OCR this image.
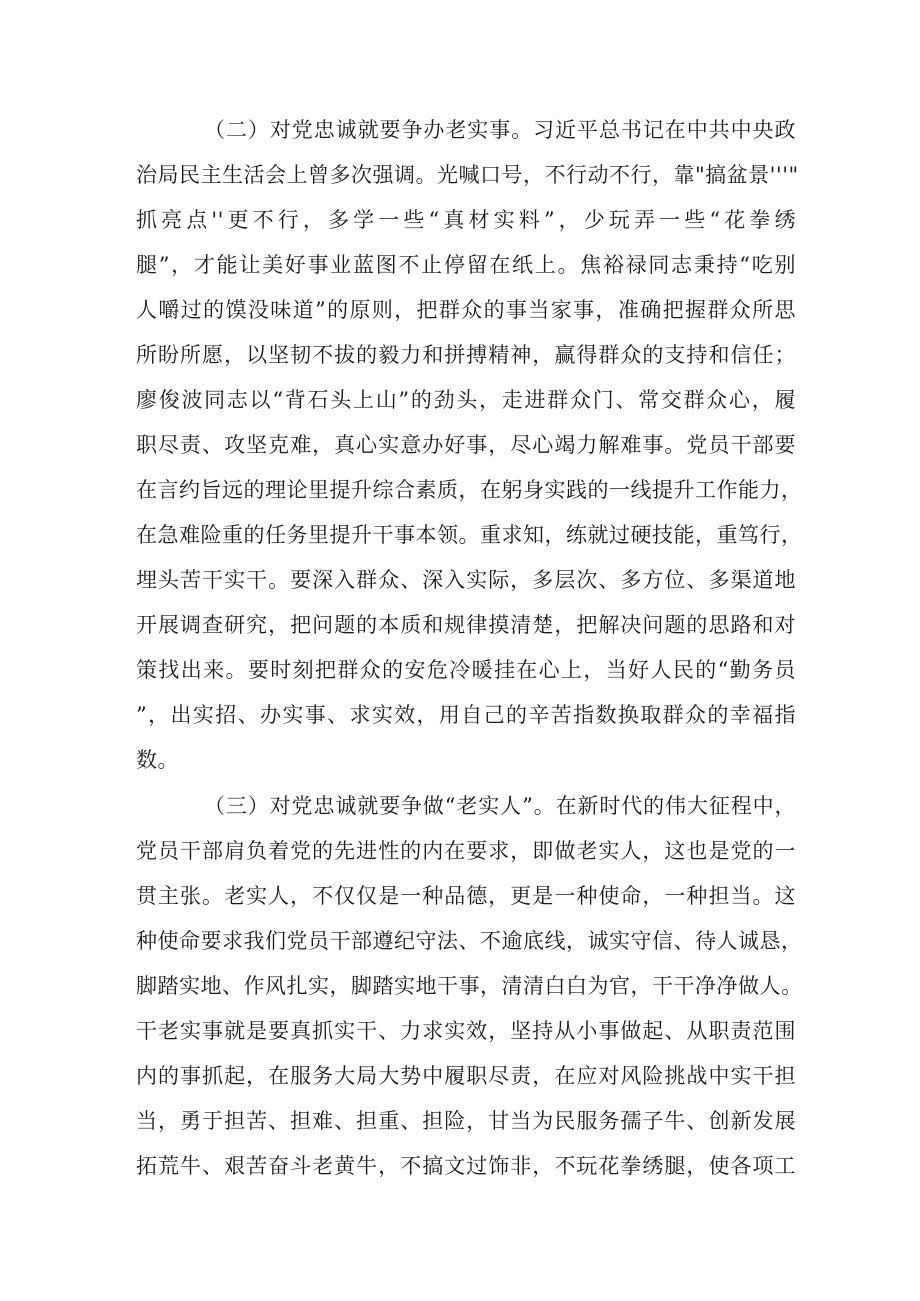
（二）对党忠诚就要争办老实事。习近平总书记在中共中央政
治局民主生活会上曾多次强调。光喊口号，不行动不行，靠"搞盆景'''"
抓亮点''更不行，多学一些“真材实料”，少玩弄一些“花拳绣
腿”，才能让美好事业蓝图不止停留在纸上。焦裕禄同志秉持“吃别
人嚼过的馍没味道”的原则，把群众的事当家事，准确把握群众所思
所盼所愿，以坚韧不拔的毅力和拼搏精神，赢得群众的支持和信任；
廖俊波同志以“背石头上山”的劲头，走进群众门、常交群众心，履
职尽责、攻坚克难，真心实意办好事，尽心竭力解难事。党员干部要
在言约旨远的理论里提升综合素质，在躬身实践的一线提升工作能力，
在急难险重的任务里提升干事本领。重求知，练就过硬技能，重笃行，
埋头苦干实干。要深入群众、深入实际，多层次、多方位、多渠道地
开展调查研究，把问题的本质和规律摸清楚，把解决问题的思路和对
策找出来。要时刻把群众的安危冷暖挂在心上，当好人民的“勤务员
”，出实招、办实事、求实效，用自己的辛苦指数换取群众的幸福指
数。
（三）对党忠诚就要争做“老实人”。在新时代的伟大征程中，
党员干部肩负着党的先进性的内在要求，即做老实人，这也是党的一
贯主张。老实人，不仅仅是一种品德，更是一种使命，一种担当。这
种使命要求我们党员干部遵纪守法、不逾底线，诚实守信、待人诚恳，
脚踏实地、作风扎实，脚踏实地干事，清清白白为官，干干净净做人。
干老实事就是要真抓实干、力求实效，坚持从小事做起、从职责范围
内的事抓起，在服务大局大势中履职尽责，在应对风险挑战中实干担
当，勇于担苦、担难、担重、担险，甘当为民服务孺子牛、创新发展
拓荒牛、艰苦奋斗老黄牛，不搞文过饰非，不玩花拳绣腿，使各项工
